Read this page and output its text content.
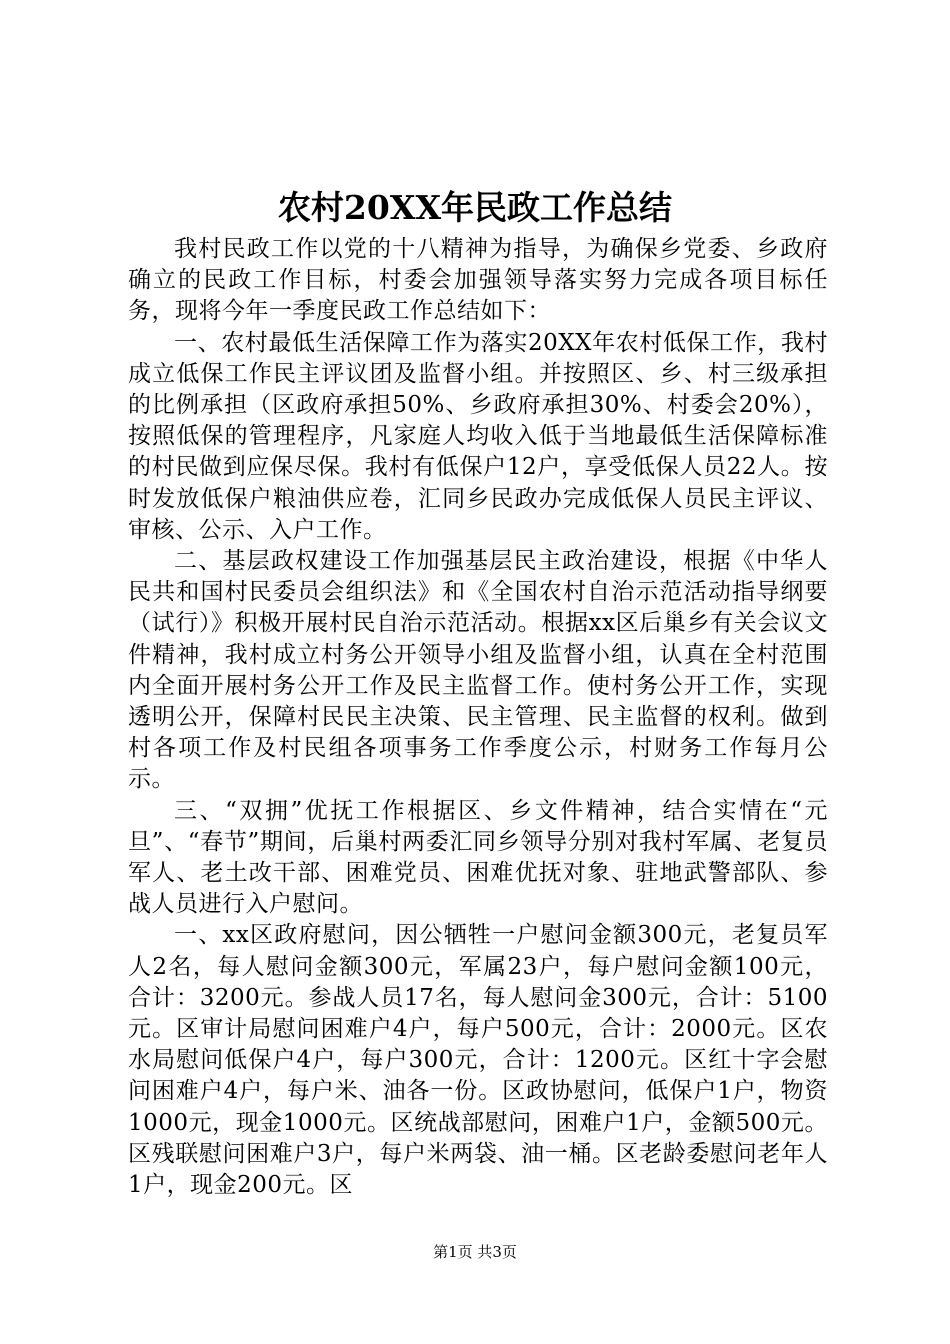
农村20XX年民政工作总结

我村民政工作以党的十八精神为指导，为确保乡党委、乡政府确立的民政工作目标，村委会加强领导落实努力完成各项目标任务，现将今年一季度民政工作总结如下：

一、农村最低生活保障工作为落实20XX年农村低保工作，我村成立低保工作民主评议团及监督小组。并按照区、乡、村三级承担的比例承担（区政府承担50%、乡政府承担30%、村委会20%），按照低保的管理程序，凡家庭人均收入低于当地最低生活保障标准的村民做到应保尽保。我村有低保户12户，享受低保人员22人。按时发放低保户粮油供应卷，汇同乡民政办完成低保人员民主评议、审核、公示、入户工作。

二、基层政权建设工作加强基层民主政治建设，根据《中华人民共和国村民委员会组织法》和《全国农村自治示范活动指导纲要（试行）》积极开展村民自治示范活动。根据xx区后巢乡有关会议文件精神，我村成立村务公开领导小组及监督小组，认真在全村范围内全面开展村务公开工作及民主监督工作。使村务公开工作，实现透明公开，保障村民民主决策、民主管理、民主监督的权利。做到村各项工作及村民组各项事务工作季度公示，村财务工作每月公示。

三、“双拥”优抚工作根据区、乡文件精神，结合实情在“元旦”、“春节”期间，后巢村两委汇同乡领导分别对我村军属、老复员军人、老土改干部、困难党员、困难优抚对象、驻地武警部队、参战人员进行入户慰问。

一、xx区政府慰问，因公牺牲一户慰问金额300元，老复员军人2名，每人慰问金额300元，军属23户，每户慰问金额100元，合计：3200元。参战人员17名，每人慰问金300元，合计：5100元。区审计局慰问困难户4户，每户500元，合计：2000元。区农水局慰问低保户4户，每户300元，合计：1200元。区红十字会慰问困难户4户，每户米、油各一份。区政协慰问，低保户1户，物资1000元，现金1000元。区统战部慰问，困难户1户，金额500元。区残联慰问困难户3户，每户米两袋、油一桶。区老龄委慰问老年人1户，现金200元。区

第1页 共3页
